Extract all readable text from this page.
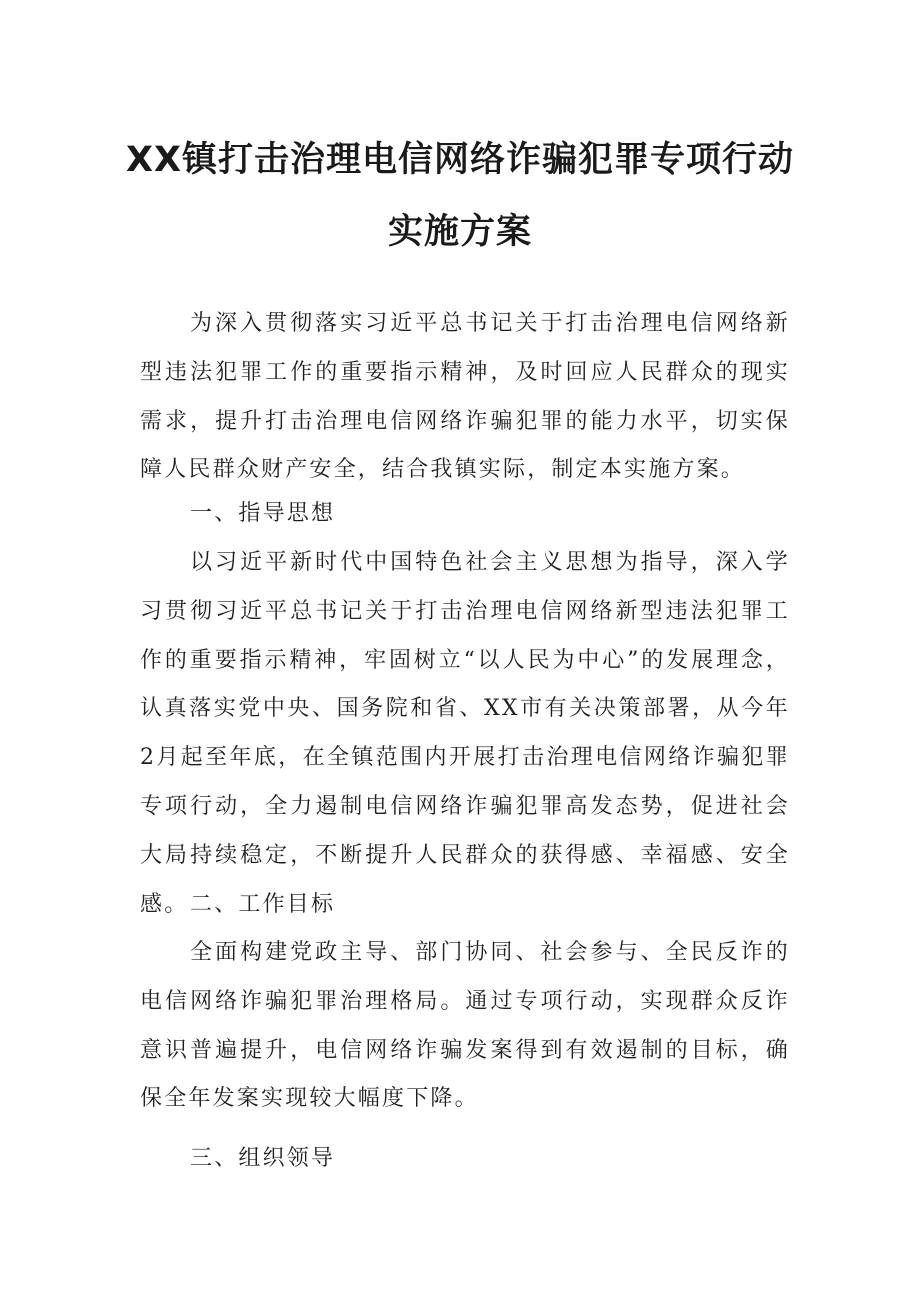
XX镇打击治理电信网络诈骗犯罪专项行动
实施方案

为深入贯彻落实习近平总书记关于打击治理电信网络新型违法犯罪工作的重要指示精神，及时回应人民群众的现实需求，提升打击治理电信网络诈骗犯罪的能力水平，切实保障人民群众财产安全，结合我镇实际，制定本实施方案。

一、指导思想

以习近平新时代中国特色社会主义思想为指导，深入学习贯彻习近平总书记关于打击治理电信网络新型违法犯罪工作的重要指示精神，牢固树立“以人民为中心”的发展理念，认真落实党中央、国务院和省、XX市有关决策部署，从今年2月起至年底，在全镇范围内开展打击治理电信网络诈骗犯罪专项行动，全力遏制电信网络诈骗犯罪高发态势，促进社会大局持续稳定，不断提升人民群众的获得感、幸福感、安全感。 二、工作目标

全面构建党政主导、部门协同、社会参与、全民反诈的电信网络诈骗犯罪治理格局。通过专项行动，实现群众反诈意识普遍提升，电信网络诈骗发案得到有效遏制的目标，确保全年发案实现较大幅度下降。

三、组织领导
